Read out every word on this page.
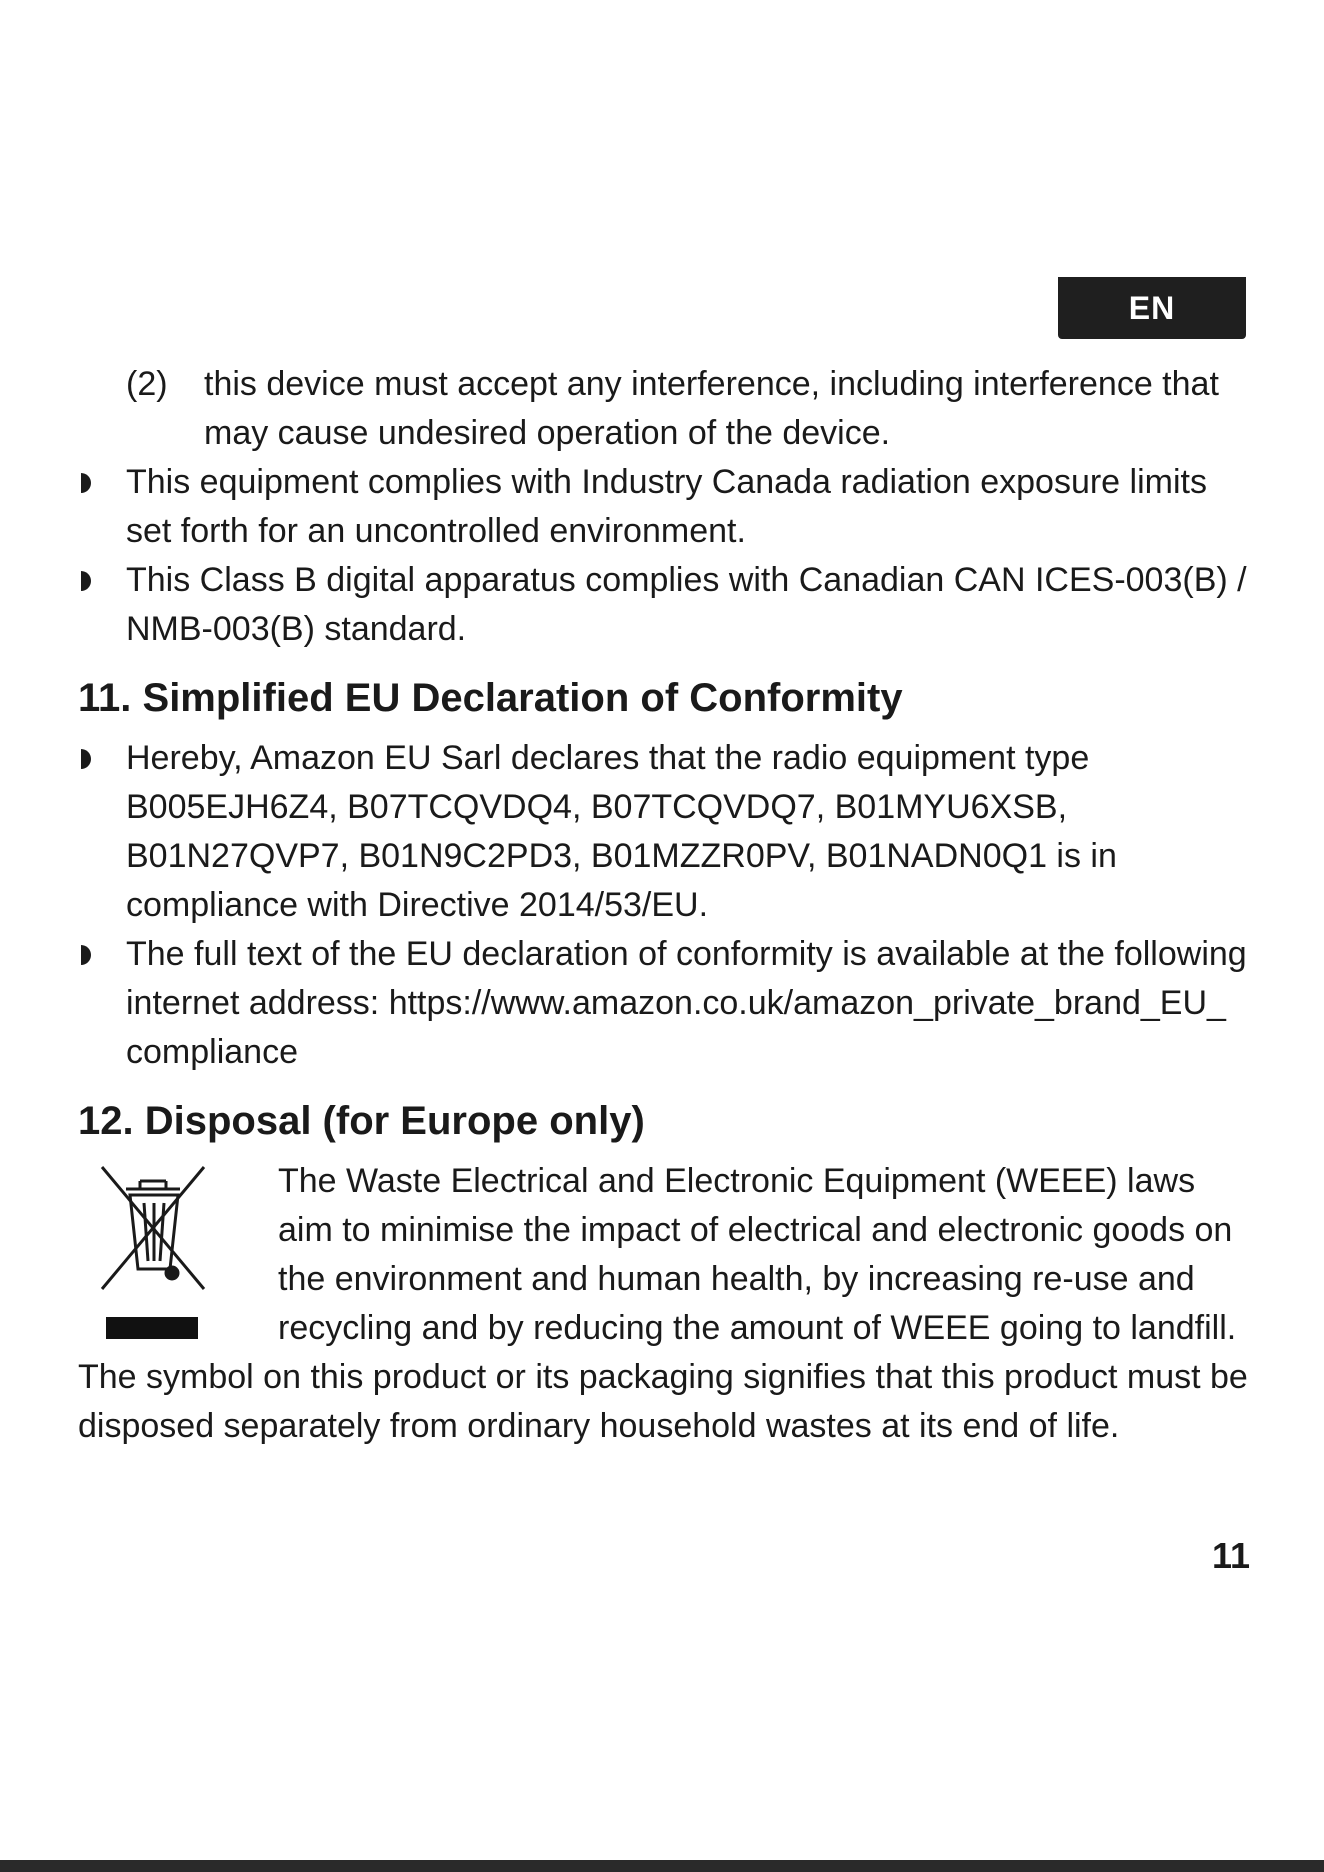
EN
(2)	this device must accept any interference, including interference that may cause undesired operation of the device.
This equipment complies with Industry Canada radiation exposure limits set forth for an uncontrolled environment.
This Class B digital apparatus complies with Canadian CAN ICES-003(B) / NMB-003(B) standard.
11. Simplified EU Declaration of Conformity
Hereby, Amazon EU Sarl declares that the radio equipment type B005EJH6Z4, B07TCQVDQ4, B07TCQVDQ7, B01MYU6XSB, B01N27QVP7, B01N9C2PD3, B01MZZR0PV, B01NADN0Q1 is in compliance with Directive 2014/53/EU.
The full text of the EU declaration of conformity is available at the following internet address: https://www.amazon.co.uk/amazon_private_brand_EU_ compliance
12. Disposal (for Europe only)
The Waste Electrical and Electronic Equipment (WEEE) laws aim to minimise the impact of electrical and electronic goods on the environment and human health, by increasing re-use and recycling and by reducing the amount of WEEE going to landfill. The symbol on this product or its packaging signifies that this product must be disposed separately from ordinary household wastes at its end of life.
11
